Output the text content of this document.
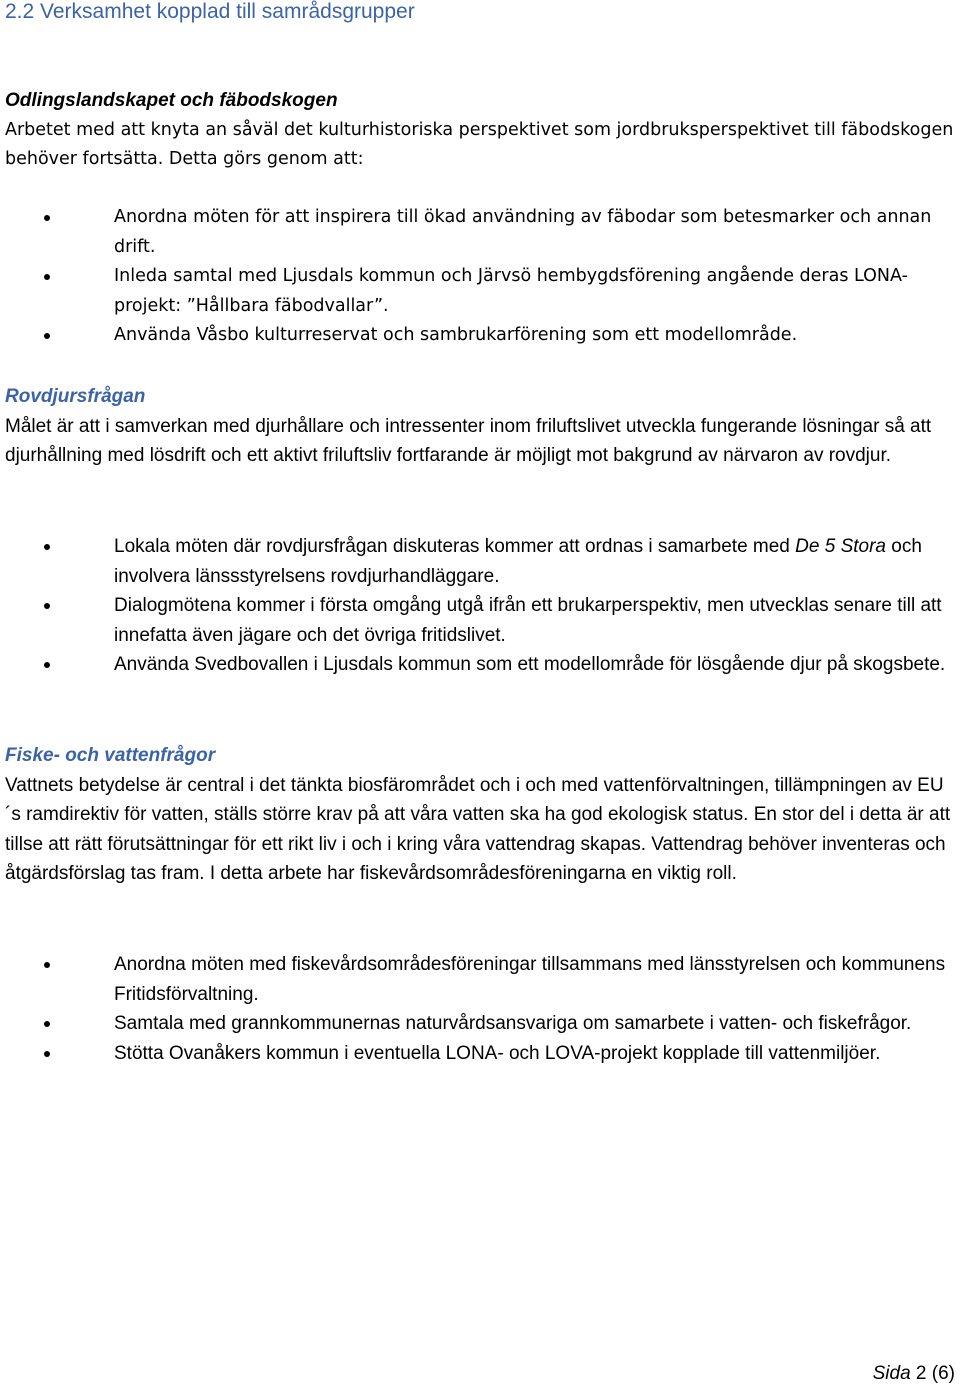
2.2 Verksamhet kopplad till samrådsgrupper

Odlingslandskapet och fäbodskogen

Arbetet med att knyta an såväl det kulturhistoriska perspektivet som jordbruksperspektivet till fäbodskogen behöver fortsätta. Detta görs genom att:

Anordna möten för att inspirera till ökad användning av fäbodar som betesmarker och annan drift.
Inleda samtal med Ljusdals kommun och Järvsö hembygdsförening angående deras LONA-projekt: ”Hållbara fäbodvallar”.
Använda Våsbo kulturreservat och sambrukarförening som ett modellområde.

Rovdjursfrågan

Målet är att i samverkan med djurhållare och intressenter inom friluftslivet utveckla fungerande lösningar så att djurhållning med lösdrift och ett aktivt friluftsliv fortfarande är möjligt mot bakgrund av närvaron av rovdjur.

Lokala möten där rovdjursfrågan diskuteras kommer att ordnas i samarbete med De 5 Stora och involvera länssstyrelsens rovdjurhandläggare.
Dialogmötena kommer i första omgång utgå ifrån ett brukarperspektiv, men utvecklas senare till att innefatta även jägare och det övriga fritidslivet.
Använda Svedbovallen i Ljusdals kommun som ett modellområde för lösgående djur på skogsbete.

Fiske- och vattenfrågor

Vattnets betydelse är central i det tänkta biosfärområdet och i och med vattenförvaltningen, tillämpningen av EU´s ramdirektiv för vatten, ställs större krav på att våra vatten ska ha god ekologisk status. En stor del i detta är att tillse att rätt förutsättningar för ett rikt liv i och i kring våra vattendrag skapas. Vattendrag behöver inventeras och åtgärdsförslag tas fram. I detta arbete har fiskevårdsområdesföreningarna en viktig roll.

Anordna möten med fiskevårdsområdesföreningar tillsammans med länsstyrelsen och kommunens Fritidsförvaltning.
Samtala med grannkommunernas naturvårdsansvariga om samarbete i vatten- och fiskefrågor.
Stötta Ovanåkers kommun i eventuella LONA- och LOVA-projekt kopplade till vattenmiljöer.
Sida 2 (6)
